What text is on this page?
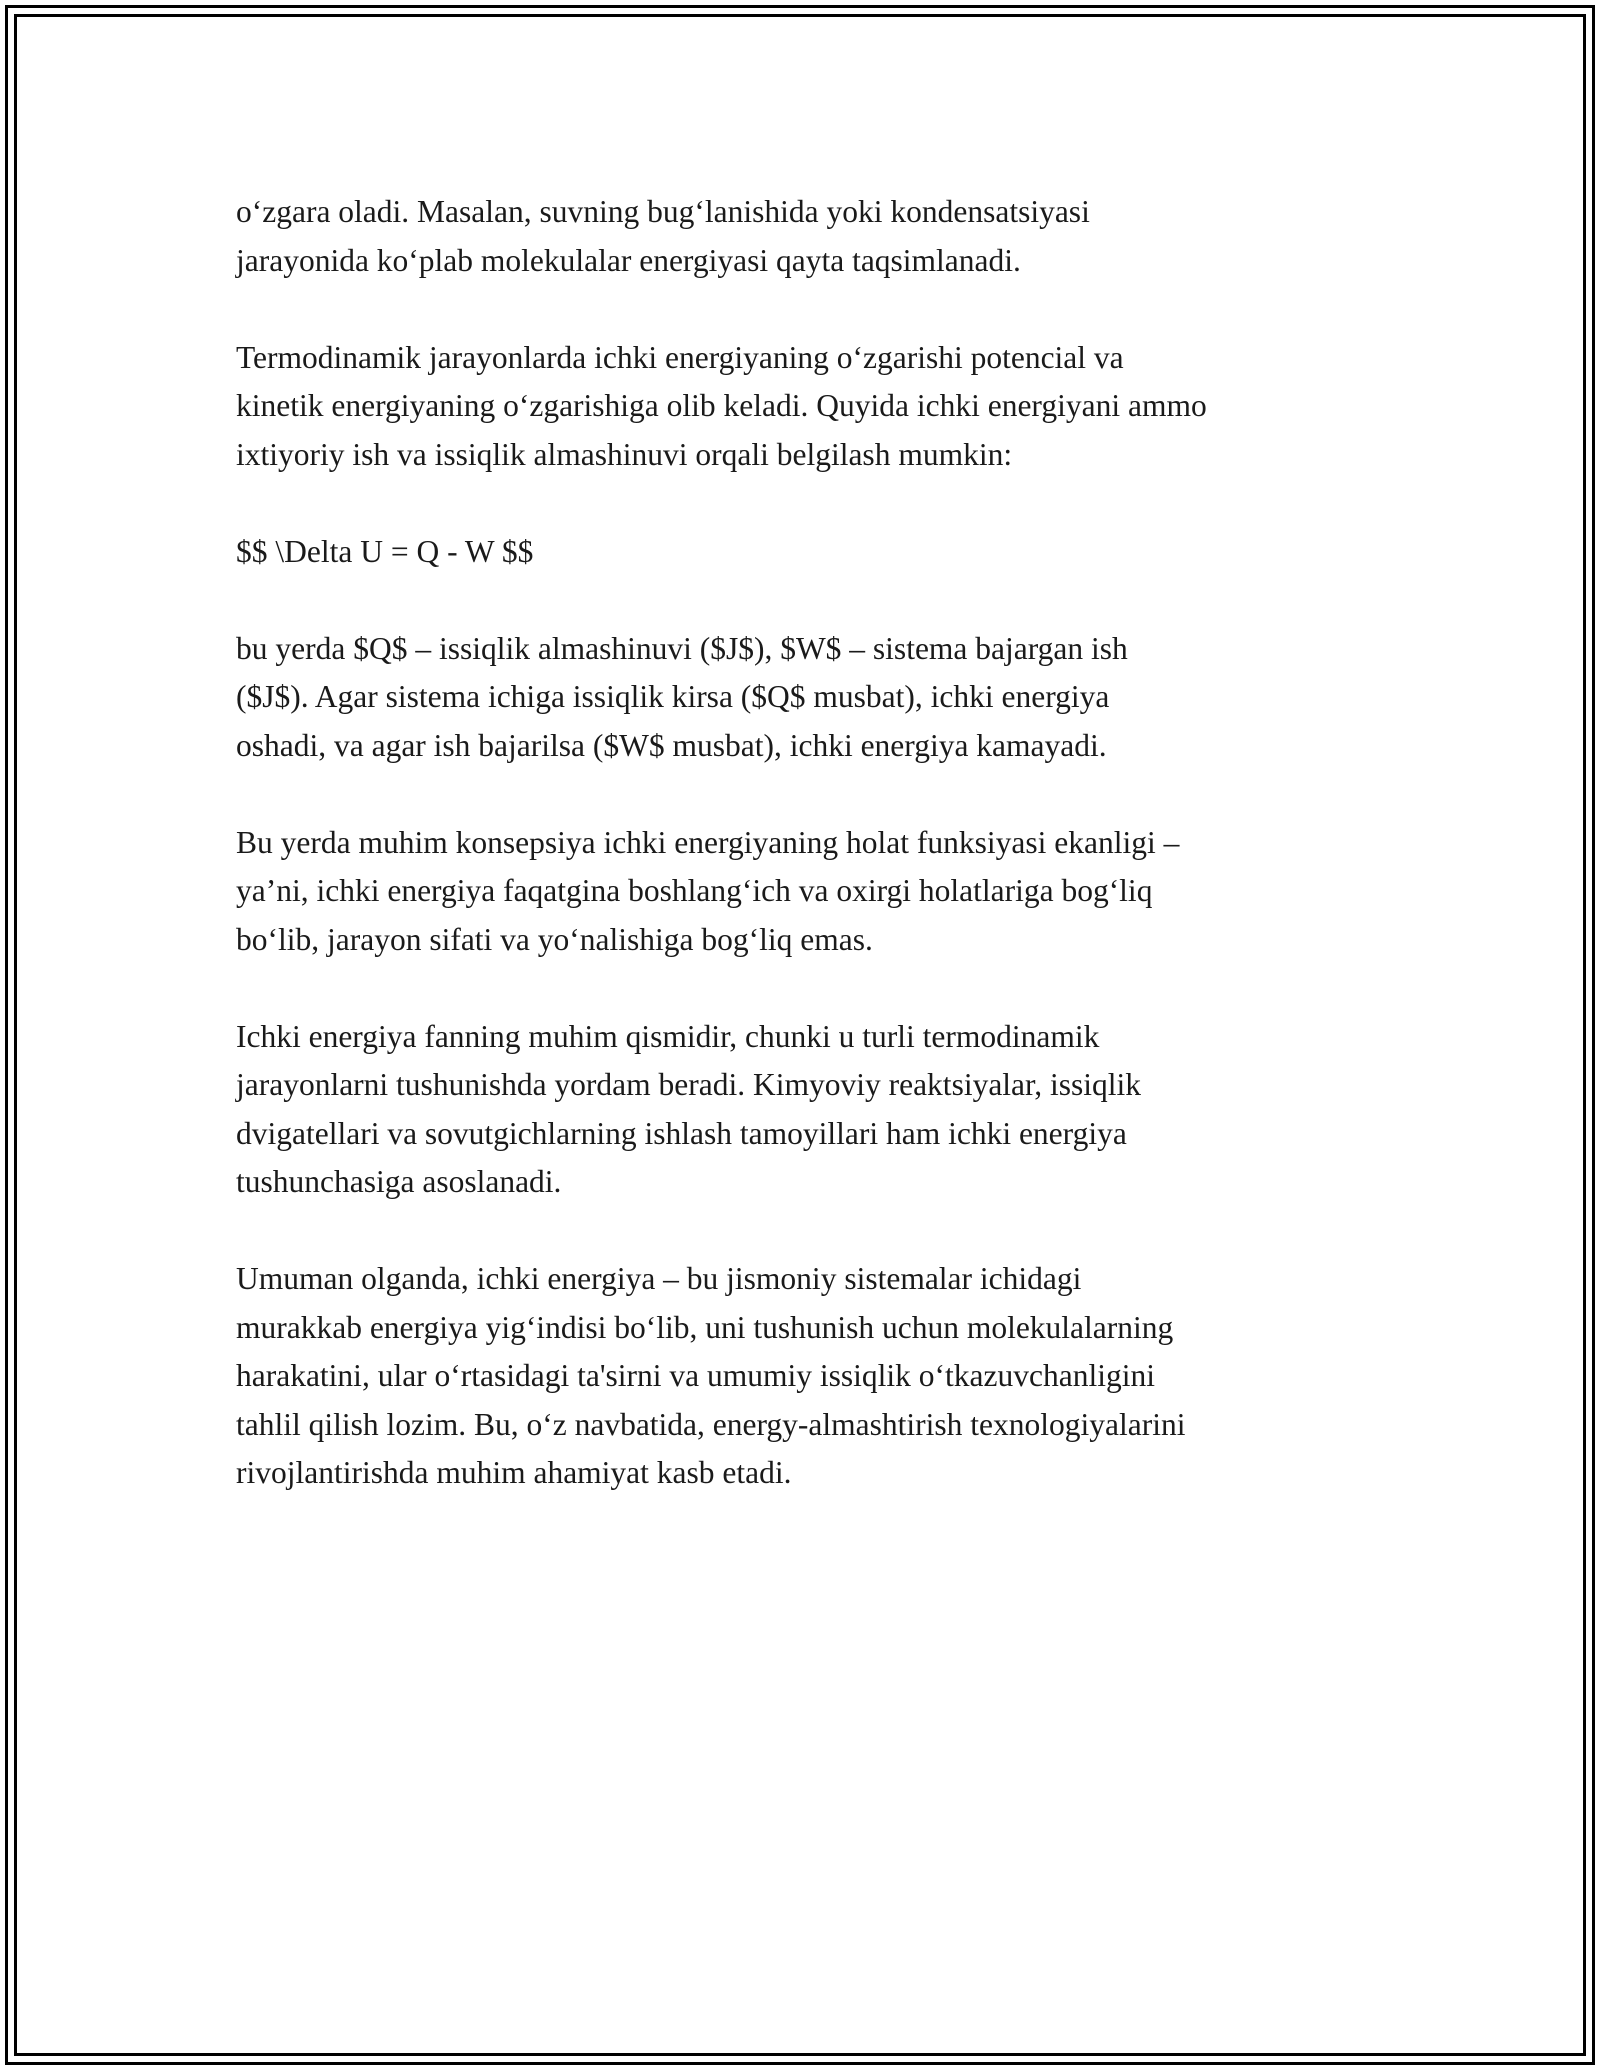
o‘zgara oladi. Masalan, suvning bug‘lanishida yoki kondensatsiyasi
jarayonida ko‘plab molekulalar energiyasi qayta taqsimlanadi.

Termodinamik jarayonlarda ichki energiyaning o‘zgarishi potencial va
kinetik energiyaning o‘zgarishiga olib keladi. Quyida ichki energiyani ammo
ixtiyoriy ish va issiqlik almashinuvi orqali belgilash mumkin:

$$ \Delta U = Q - W $$

bu yerda $Q$ – issiqlik almashinuvi ($J$), $W$ – sistema bajargan ish
($J$). Agar sistema ichiga issiqlik kirsa ($Q$ musbat), ichki energiya
oshadi, va agar ish bajarilsa ($W$ musbat), ichki energiya kamayadi.

Bu yerda muhim konsepsiya ichki energiyaning holat funksiyasi ekanligi –
ya’ni, ichki energiya faqatgina boshlang‘ich va oxirgi holatlariga bog‘liq
bo‘lib, jarayon sifati va yo‘nalishiga bog‘liq emas.

Ichki energiya fanning muhim qismidir, chunki u turli termodinamik
jarayonlarni tushunishda yordam beradi. Kimyoviy reaktsiyalar, issiqlik
dvigatellari va sovutgichlarning ishlash tamoyillari ham ichki energiya
tushunchasiga asoslanadi.

Umuman olganda, ichki energiya – bu jismoniy sistemalar ichidagi
murakkab energiya yig‘indisi bo‘lib, uni tushunish uchun molekulalarning
harakatini, ular o‘rtasidagi ta'sirni va umumiy issiqlik o‘tkazuvchanligini
tahlil qilish lozim. Bu, o‘z navbatida, energy-almashtirish texnologiyalarini
rivojlantirishda muhim ahamiyat kasb etadi.
